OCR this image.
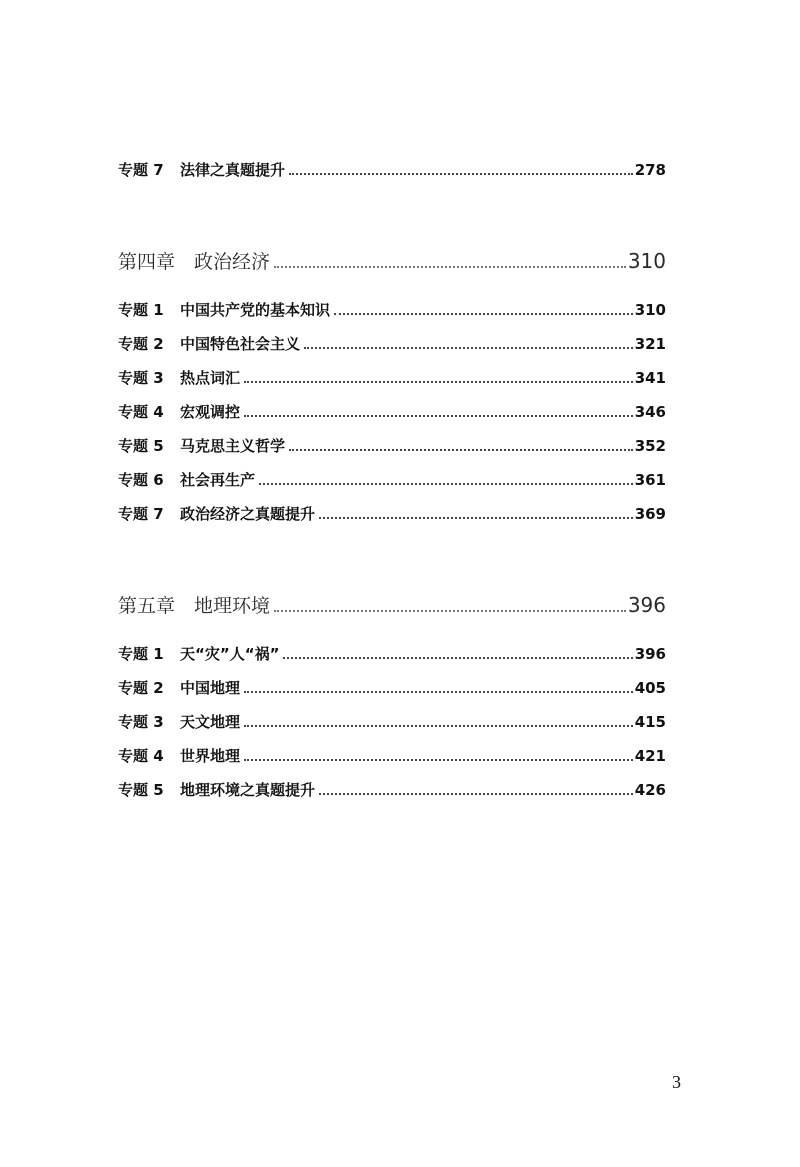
专题 7	法律之真题提升	278
第四章 政治经济	310
专题 1	中国共产党的基本知识	310
专题 2	中国特色社会主义	321
专题 3	热点词汇	341
专题 4	宏观调控	346
专题 5	马克思主义哲学	352
专题 6	社会再生产	361
专题 7	政治经济之真题提升	369
第五章 地理环境	396
专题 1	天“灾”人“祸”	396
专题 2	中国地理	405
专题 3	天文地理	415
专题 4	世界地理	421
专题 5	地理环境之真题提升	426
3
